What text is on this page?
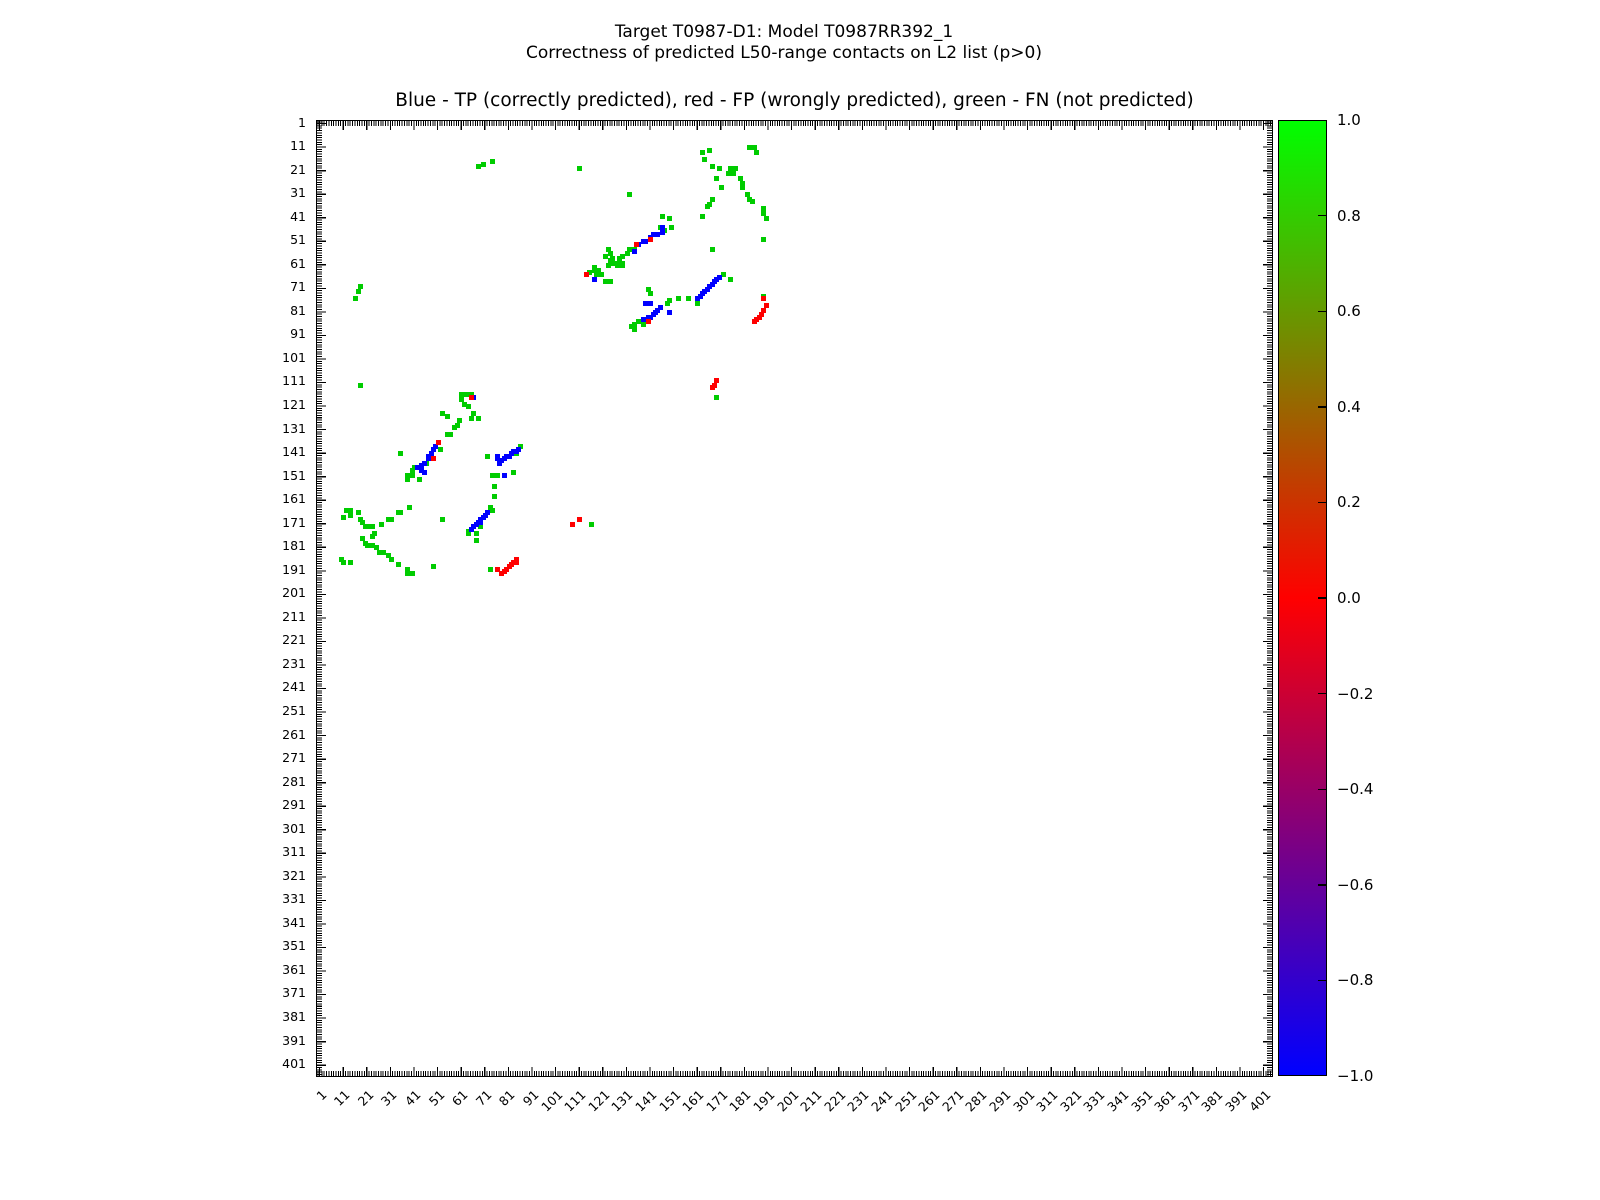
Target T0987-D1: Model T0987RR392_1
Correctness of predicted L50-range contacts on L2 list (p>0)
Blue - TP (correctly predicted), red - FP (wrongly predicted), green - FN (not predicted)
1
11
21
31
41
51
61
71
81
91
101
111
121
131
141
151
161
171
181
191
201
211
221
231
241
251
261
271
281
291
301
311
321
331
341
351
361
371
381
391
401
1 11 21 31 41 51 61 71 81 91
101
111
121
131
141
151
161
171
181
191
201
211
221
231
241
251
261
271
281
291
301
311
321
331
341
351
361
371
381
391
401
1.0
0.8
0.6
0.4
0.2
0.0
−0.2
−0.4
−0.6
−0.8
−1.0
